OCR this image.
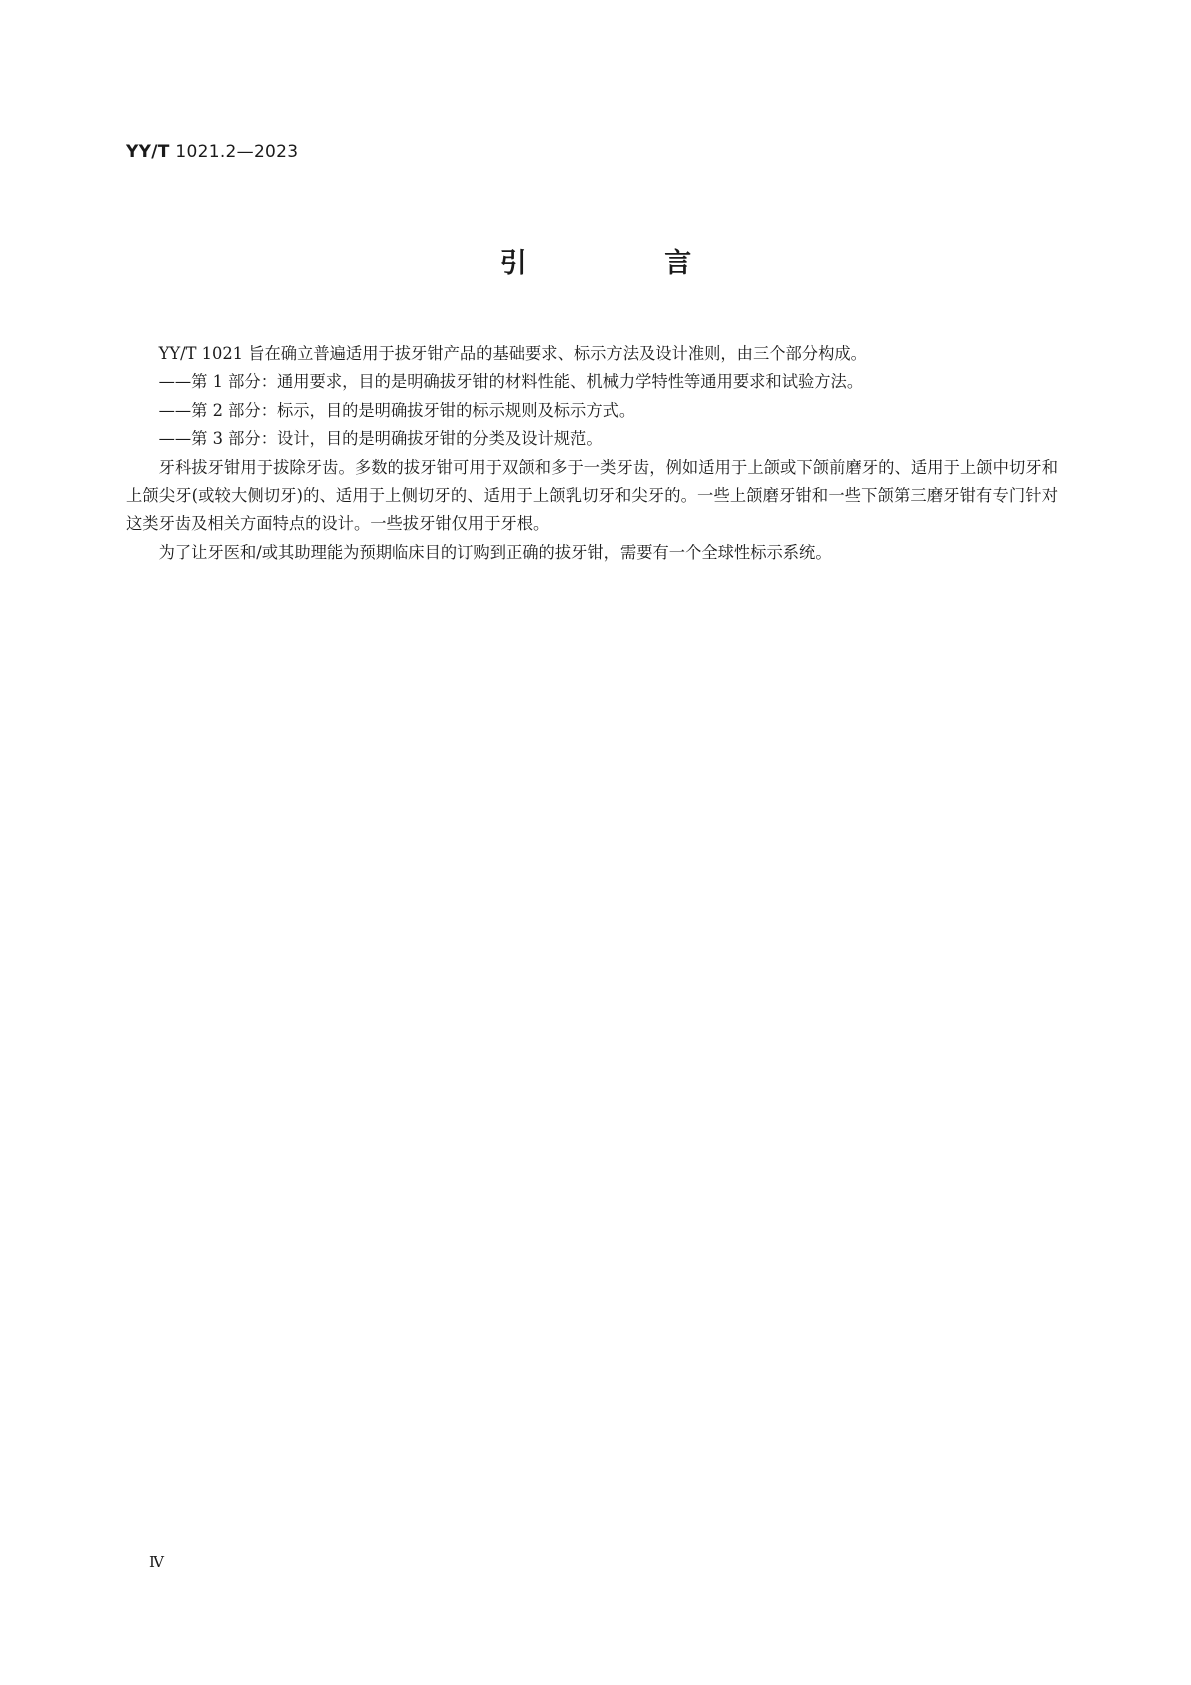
YY/T 1021.2—2023
引 言

YY/T 1021 旨在确立普遍适用于拔牙钳产品的基础要求、标示方法及设计准则，由三个部分构成。

——第 1 部分：通用要求，目的是明确拔牙钳的材料性能、机械力学特性等通用要求和试验方法。

——第 2 部分：标示，目的是明确拔牙钳的标示规则及标示方式。

——第 3 部分：设计，目的是明确拔牙钳的分类及设计规范。

牙科拔牙钳用于拔除牙齿。多数的拔牙钳可用于双颌和多于一类牙齿，例如适用于上颌或下颌前磨牙的、适用于上颌中切牙和上颌尖牙(或较大侧切牙)的、适用于上侧切牙的、适用于上颌乳切牙和尖牙的。一些上颌磨牙钳和一些下颌第三磨牙钳有专门针对这类牙齿及相关方面特点的设计。一些拔牙钳仅用于牙根。

为了让牙医和/或其助理能为预期临床目的订购到正确的拔牙钳，需要有一个全球性标示系统。

Ⅳ
